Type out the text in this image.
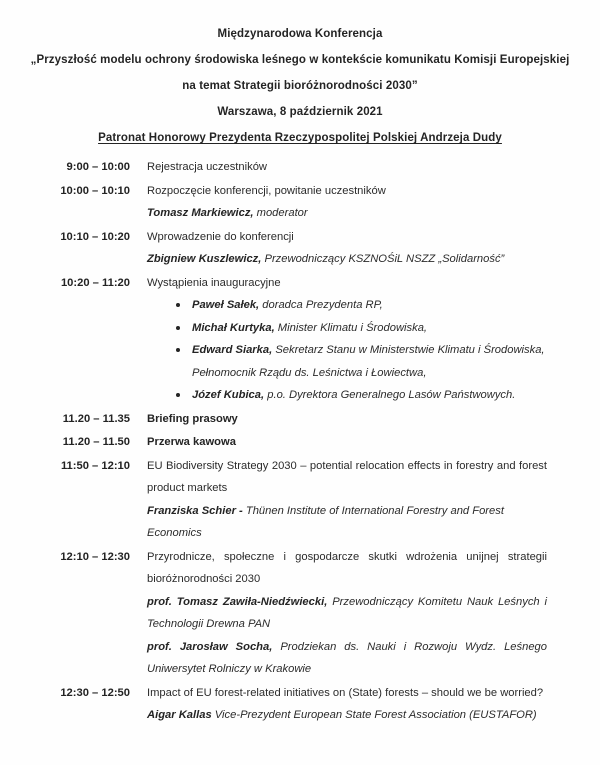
Międzynarodowa Konferencja

„Przyszłość modelu ochrony środowiska leśnego w kontekście komunikatu Komisji Europejskiej

na temat Strategii bioróżnorodności 2030”

Warszawa, 8 październik 2021

Patronat Honorowy Prezydenta Rzeczypospolitej Polskiej Andrzeja Dudy

9:00 – 10:00 Rejestracja uczestników

10:00 – 10:10 Rozpoczęcie konferencji, powitanie uczestników

Tomasz Markiewicz, moderator

10:10 – 10:20 Wprowadzenie do konferencji

Zbigniew Kuszlewicz, Przewodniczący KSZNOŚiL NSZZ „Solidarność”

10:20 – 11:20 Wystąpienia inauguracyjne

Paweł Sałek, doradca Prezydenta RP,
Michał Kurtyka, Minister Klimatu i Środowiska,
Edward Siarka, Sekretarz Stanu w Ministerstwie Klimatu i Środowiska, Pełnomocnik Rządu ds. Leśnictwa i Łowiectwa,
Józef Kubica, p.o. Dyrektora Generalnego Lasów Państwowych.
11.20 – 11.35 Briefing prasowy

11.20 – 11.50 Przerwa kawowa

11:50 – 12:10 EU Biodiversity Strategy 2030 – potential relocation effects in forestry and forest product markets

Franziska Schier - Thünen Institute of International Forestry and Forest Economics

12:10 – 12:30 Przyrodnicze, społeczne i gospodarcze skutki wdrożenia unijnej strategii bioróżnorodności 2030

prof. Tomasz Zawiła-Niedźwiecki, Przewodniczący Komitetu Nauk Leśnych i Technologii Drewna PAN

prof. Jarosław Socha, Prodziekan ds. Nauki i Rozwoju Wydz. Leśnego Uniwersytet Rolniczy w Krakowie

12:30 – 12:50 Impact of EU forest-related initiatives on (State) forests – should we be worried?

Aigar Kallas Vice-Prezydent European State Forest Association (EUSTAFOR)
